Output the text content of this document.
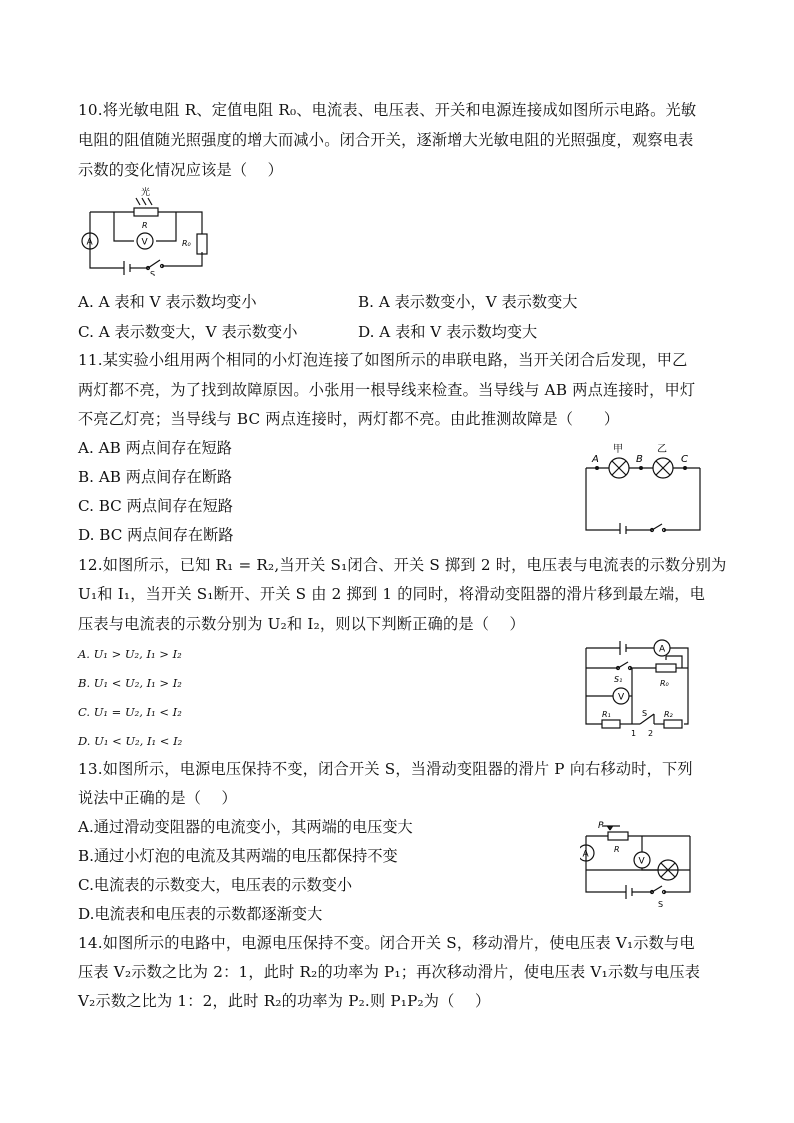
10.将光敏电阻 R、定值电阻 R₀、电流表、电压表、开关和电源连接成如图所示电路。光敏
电阻的阻值随光照强度的增大而减小。闭合开关，逐渐增大光敏电阻的光照强度，观察电表
示数的变化情况应该是（　 ）
光
R
R₀
A	V
S
A. A 表和 V 表示数均变小	B. A 表示数变小，V 表示数变大
C. A 表示数变大，V 表示数变小	D. A 表和 V 表示数均变大
11.某实验小组用两个相同的小灯泡连接了如图所示的串联电路，当开关闭合后发现，甲乙
两灯都不亮，为了找到故障原因。小张用一根导线来检查。当导线与 AB 两点连接时，甲灯
不亮乙灯亮；当导线与 BC 两点连接时，两灯都不亮。由此推测故障是（　　）
A. AB 两点间存在短路
B. AB 两点间存在断路
C. BC 两点间存在短路
D. BC 两点间存在断路
A	B	C
甲	乙
12.如图所示，已知 R₁ = R₂,当开关 S₁闭合、开关 S 掷到 2 时，电压表与电流表的示数分别为
U₁和 I₁，当开关 S₁断开、开关 S 由 2 掷到 1 的同时，将滑动变阻器的滑片移到最左端，电
压表与电流表的示数分别为 U₂和 I₂，则以下判断正确的是（　 ）
A. U₁ > U₂, I₁ > I₂
B. U₁ < U₂, I₁ > I₂
C. U₁ = U₂, I₁ < I₂
D. U₁ < U₂, I₁ < I₂
A
V
S₁	R₀
R₁	R₂
S
1 2
13.如图所示，电源电压保持不变，闭合开关 S，当滑动变阻器的滑片 P 向右移动时，下列
说法中正确的是（　 ）
A.通过滑动变阻器的电流变小，其两端的电压变大
B.通过小灯泡的电流及其两端的电压都保持不变
C.电流表的示数变大，电压表的示数变小
D.电流表和电压表的示数都逐渐变大
P
R
A
V
S
14.如图所示的电路中，电源电压保持不变。闭合开关 S，移动滑片，使电压表 V₁示数与电
压表 V₂示数之比为 2：1，此时 R₂的功率为 P₁；再次移动滑片，使电压表 V₁示数与电压表
V₂示数之比为 1：2，此时 R₂的功率为 P₂.则 P₁P₂为（　 ）
